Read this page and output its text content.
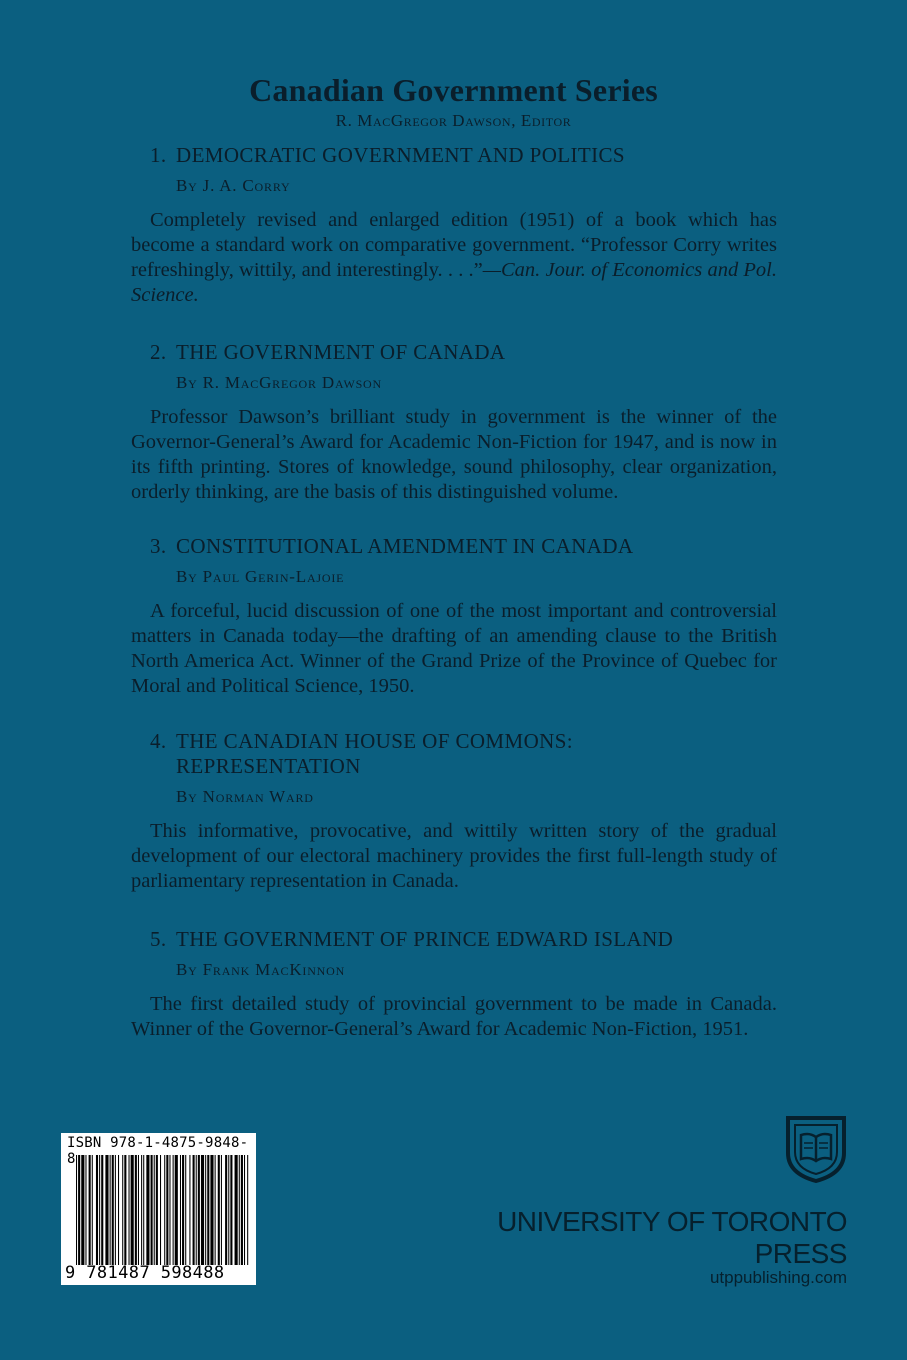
Canadian Government Series
R. MacGregor Dawson, Editor
1. DEMOCRATIC GOVERNMENT AND POLITICS
By J. A. Corry
Completely revised and enlarged edition (1951) of a book which has become a standard work on comparative government. “Professor Corry writes refreshingly, wittily, and interestingly. . . .”—Can. Jour. of Economics and Pol. Science.
2. THE GOVERNMENT OF CANADA
By R. MacGregor Dawson
Professor Dawson’s brilliant study in government is the winner of the Governor-General’s Award for Academic Non-Fiction for 1947, and is now in its fifth printing. Stores of knowledge, sound philosophy, clear organization, orderly thinking, are the basis of this distinguished volume.
3. CONSTITUTIONAL AMENDMENT IN CANADA
By Paul Gerin-Lajoie
A forceful, lucid discussion of one of the most important and controversial matters in Canada today—the drafting of an amending clause to the British North America Act. Winner of the Grand Prize of the Province of Quebec for Moral and Political Science, 1950.
4. THE CANADIAN HOUSE OF COMMONS:
REPRESENTATION
By Norman Ward
This informative, provocative, and wittily written story of the gradual development of our electoral machinery provides the first full-length study of parliamentary representation in Canada.
5. THE GOVERNMENT OF PRINCE EDWARD ISLAND
By Frank MacKinnon
The first detailed study of provincial government to be made in Canada. Winner of the Governor-General’s Award for Academic Non-Fiction, 1951.
ISBN 978-1-4875-9848-8
9 781487 598488
UNIVERSITY OF TORONTO PRESS
utppublishing.com
